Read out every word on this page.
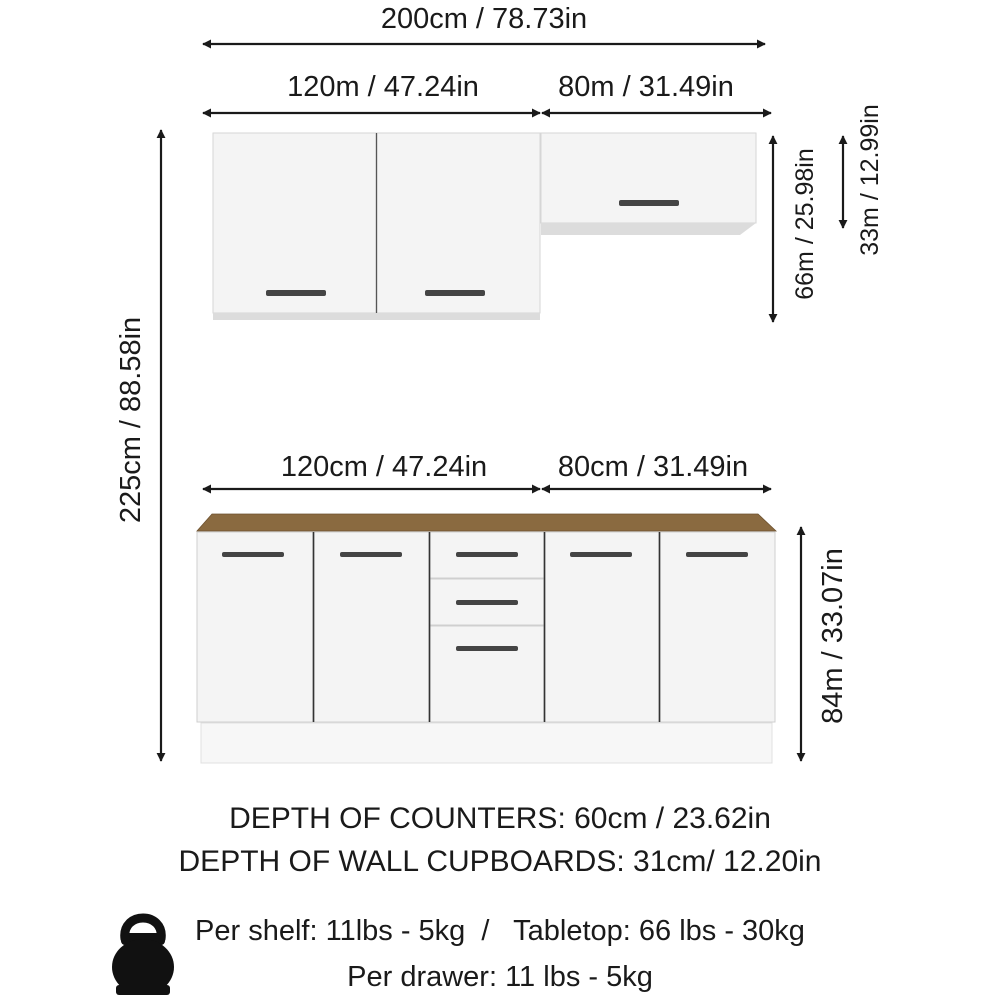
200cm / 78.73in
120m / 47.24in	80m / 31.49in
120cm / 47.24in 80cm / 31.49in
225cm / 88.58in
66m / 25.98in 33m / 12.99in
84m / 33.07in
DEPTH OF COUNTERS: 60cm / 23.62in
DEPTH OF WALL CUPBOARDS: 31cm/ 12.20in
Per shelf: 11lbs - 5kg  /   Tabletop: 66 lbs - 30kg
Per drawer: 11 lbs - 5kg
